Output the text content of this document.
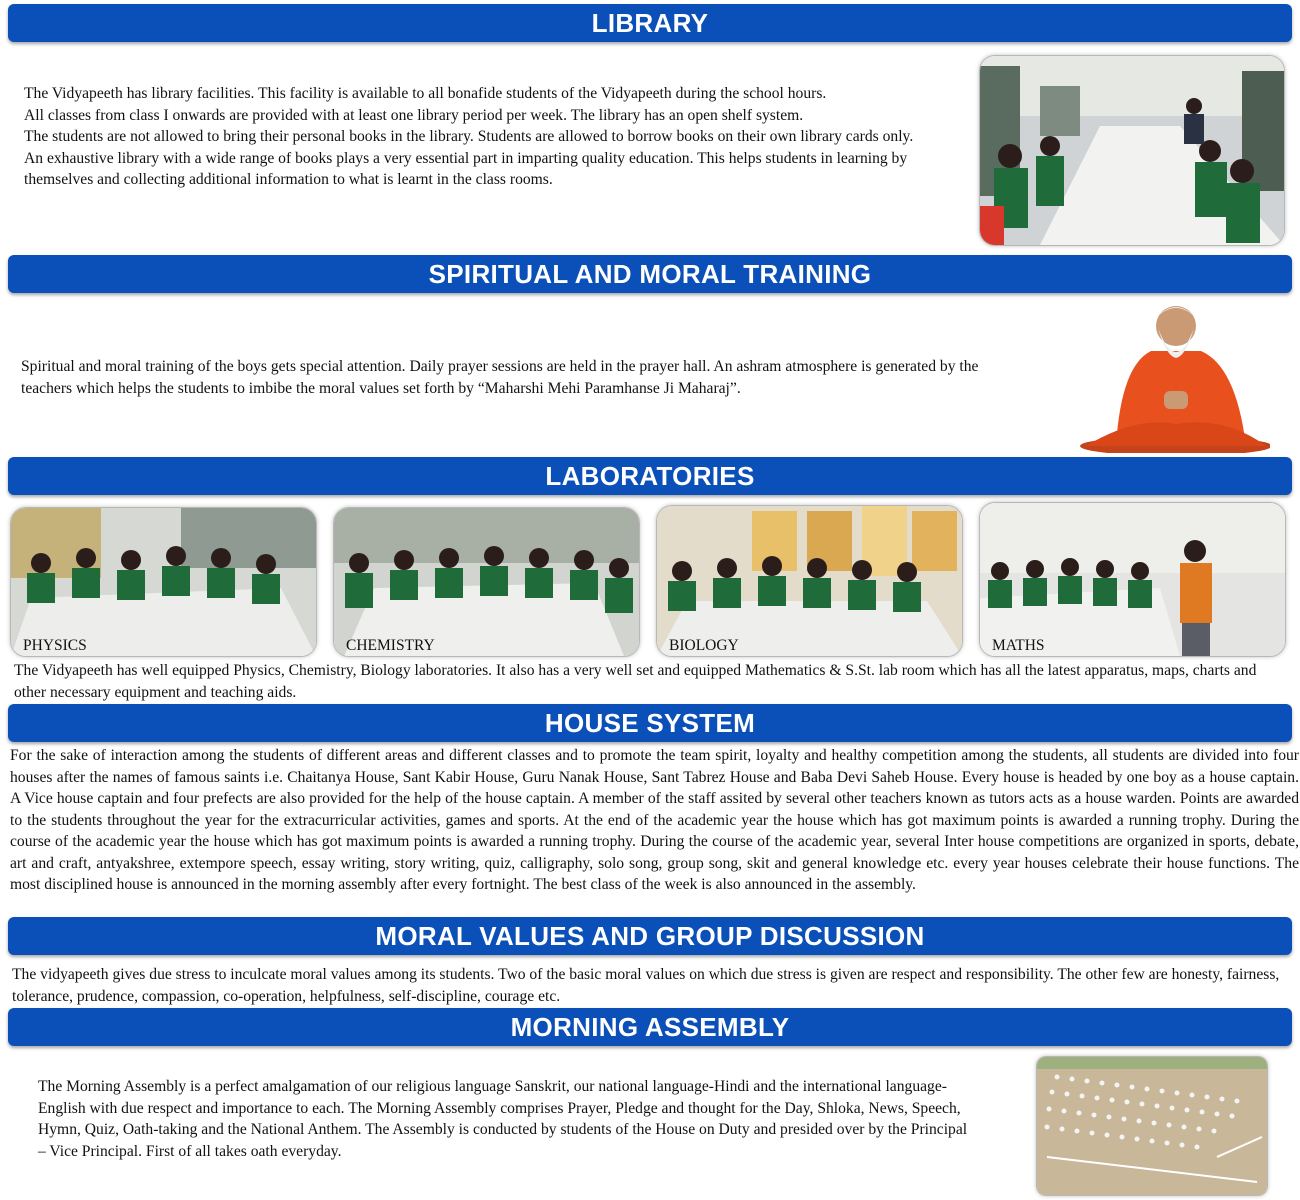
LIBRARY

The Vidyapeeth has library facilities. This facility is available to all bonafide students of the Vidyapeeth during the school hours.

All classes from class I onwards are provided with at least one library period per week. The library has an open shelf system.

The students are not allowed to bring their personal books in the library. Students are allowed to borrow books on their own library cards only.

An exhaustive library with a wide range of books plays a very essential part in imparting quality education. This helps students in learning by themselves and collecting additional information to what is learnt in the class rooms.

SPIRITUAL AND MORAL TRAINING
Spiritual and moral training of the boys gets special attention. Daily prayer sessions are held in the prayer hall. An ashram atmosphere is generated by the teachers which helps the students to imbibe the moral values set forth by “Maharshi Mehi Paramhanse Ji Maharaj”.
LABORATORIES
PHYSICS	CHEMISTRY	BIOLOGY	MATHS
The Vidyapeeth has well equipped Physics, Chemistry, Biology laboratories. It also has a very well set and equipped Mathematics & S.St. lab room which has all the latest apparatus, maps, charts and other necessary equipment and teaching aids.
HOUSE SYSTEM
For the sake of interaction among the students of different areas and different classes and to promote the team spirit, loyalty and healthy competition among the students, all students are divided into four houses after the names of famous saints i.e. Chaitanya House, Sant Kabir House, Guru Nanak House, Sant Tabrez House and Baba Devi Saheb House. Every house is headed by one boy as a house captain. A Vice house captain and four prefects are also provided for the help of the house captain. A member of the staff assited by several other teachers known as tutors acts as a house warden. Points are awarded to the students throughout the year for the extracurricular activities, games and sports. At the end of the academic year the house which has got maximum points is awarded a running trophy. During the course of the academic year the house which has got maximum points is awarded a running trophy. During the course of the academic year, several Inter house competitions are organized in sports, debate, art and craft, antyakshree, extempore speech, essay writing, story writing, quiz, calligraphy, solo song, group song, skit and general knowledge etc. every year houses celebrate their house functions. The most disciplined house is announced in the morning assembly after every fortnight. The best class of the week is also announced in the assembly.
MORAL VALUES AND GROUP DISCUSSION
The vidyapeeth gives due stress to inculcate moral values among its students. Two of the basic moral values on which due stress is given are respect and responsibility. The other few are honesty, fairness, tolerance, prudence, compassion, co-operation, helpfulness, self-discipline, courage etc.
MORNING ASSEMBLY
The Morning Assembly is a perfect amalgamation of our religious language Sanskrit, our national language-Hindi and the international language- English with due respect and importance to each. The Morning Assembly comprises Prayer, Pledge and thought for the Day, Shloka, News, Speech, Hymn, Quiz, Oath-taking and the National Anthem. The Assembly is conducted by students of the House on Duty and presided over by the Principal – Vice Principal. First of all takes oath everyday.
